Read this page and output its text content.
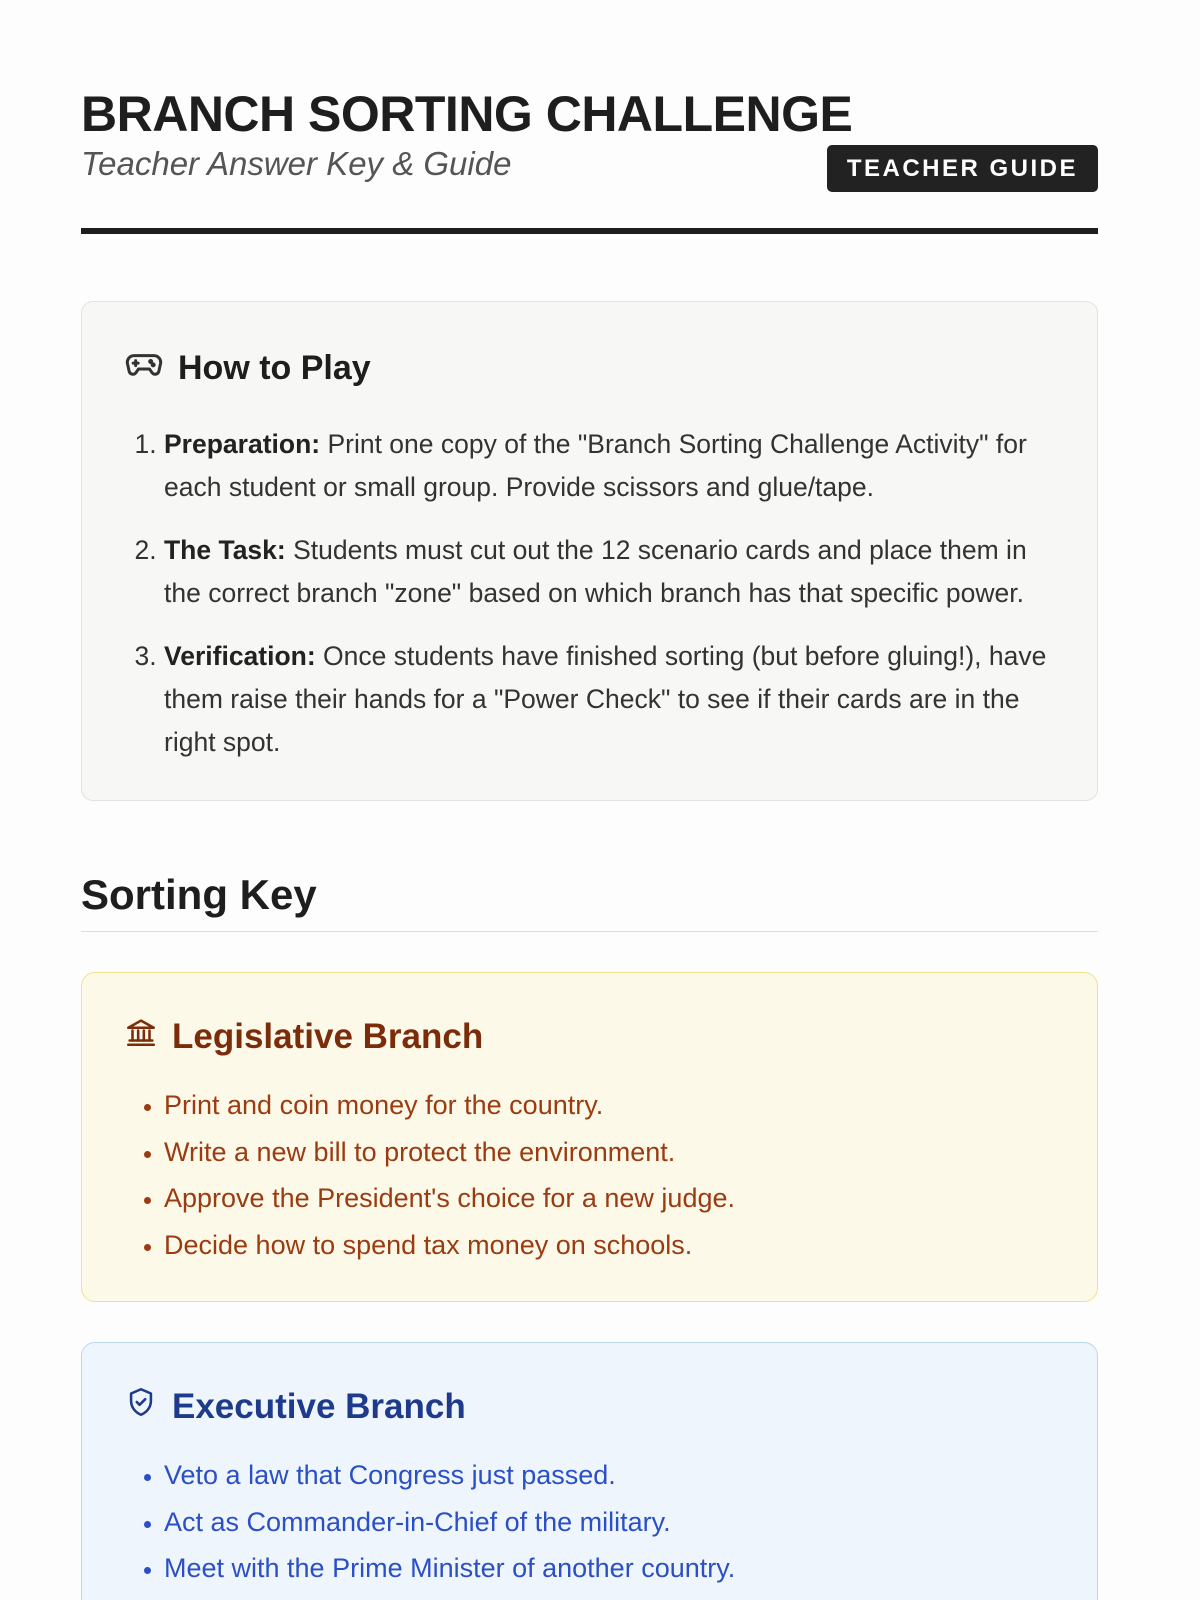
BRANCH SORTING CHALLENGE
Teacher Answer Key & Guide	TEACHER GUIDE
How to Play
1. Preparation: Print one copy of the "Branch Sorting Challenge Activity" for each student or small group. Provide scissors and glue/tape.
2. The Task: Students must cut out the 12 scenario cards and place them in the correct branch "zone" based on which branch has that specific power.
3. Verification: Once students have finished sorting (but before gluing!), have them raise their hands for a "Power Check" to see if their cards are in the right spot.
Sorting Key
Legislative Branch
• Print and coin money for the country.
• Write a new bill to protect the environment.
• Approve the President's choice for a new judge.
• Decide how to spend tax money on schools.
Executive Branch
• Veto a law that Congress just passed.
• Act as Commander-in-Chief of the military.
• Meet with the Prime Minister of another country.
